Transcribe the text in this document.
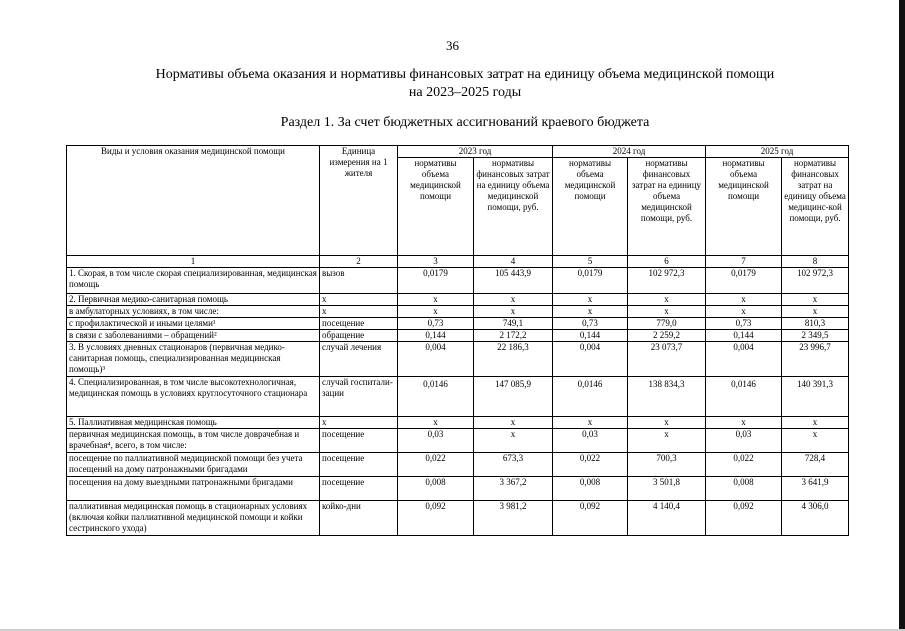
36
Нормативы объема оказания и нормативы финансовых затрат на единицу объема медицинской помощи
на 2023–2025 годы
Раздел 1. За счет бюджетных ассигнований краевого бюджета
Виды и условия оказания медицинской помощи	Единица измерения на 1 жителя	2023 год		2024 год		2025 год	
		нормативы объема медицинской помощи	нормативы финансовых затрат на единицу объема медицинской помощи, руб.	нормативы объема медицинской помощи	нормативы финансовых затрат на единицу объема медицинской помощи, руб.	нормативы объема медицинской помощи	нормативы финансовых затрат на единицу объема медицинс-кой помощи, руб.
1	2	3	4	5	6	7	8
1. Скорая, в том числе скорая специализированная, медицинская помощь	вызов	0,0179	105 443,9	0,0179	102 972,3	0,0179	102 972,3
2. Первичная медико-санитарная помощь	х	х	х	х	х	х	х
в амбулаторных условиях, в том числе:	х	х	х	х	х	х	х
с профилактической и иными целями¹	посещение	0,73	749,1	0,73	779,0	0,73	810,3
в связи с заболеваниями – обращений²	обращение	0,144	2 172,2	0,144	2 259,2	0,144	2 349,5
3. В условиях дневных стационаров (первичная медико-санитарная помощь, специализированная медицинская помощь)³	случай лечения	0,004	22 186,3	0,004	23 073,7	0,004	23 996,7
4. Специализированная, в том числе высокотехнологичная, медицинская помощь в условиях круглосуточного стационара	случай госпитали-зации	0,0146	147 085,9	0,0146	138 834,3	0,0146	140 391,3
5. Паллиативная медицинская помощь	х	х	х	х	х	х	х
первичная медицинская помощь, в том числе доврачебная и врачебная⁴, всего, в том числе:	посещение	0,03	х	0,03	х	0,03	х
посещение по паллиативной медицинской помощи без учета посещений на дому патронажными бригадами	посещение	0,022	673,3	0,022	700,3	0,022	728,4
посещения на дому выездными патронажными бригадами	посещение	0,008	3 367,2	0,008	3 501,8	0,008	3 641,9
паллиативная медицинская помощь в стационарных условиях (включая койки паллиативной медицинской помощи и койки сестринского ухода)	койко-дни	0,092	3 981,2	0,092	4 140,4	0,092	4 306,0
